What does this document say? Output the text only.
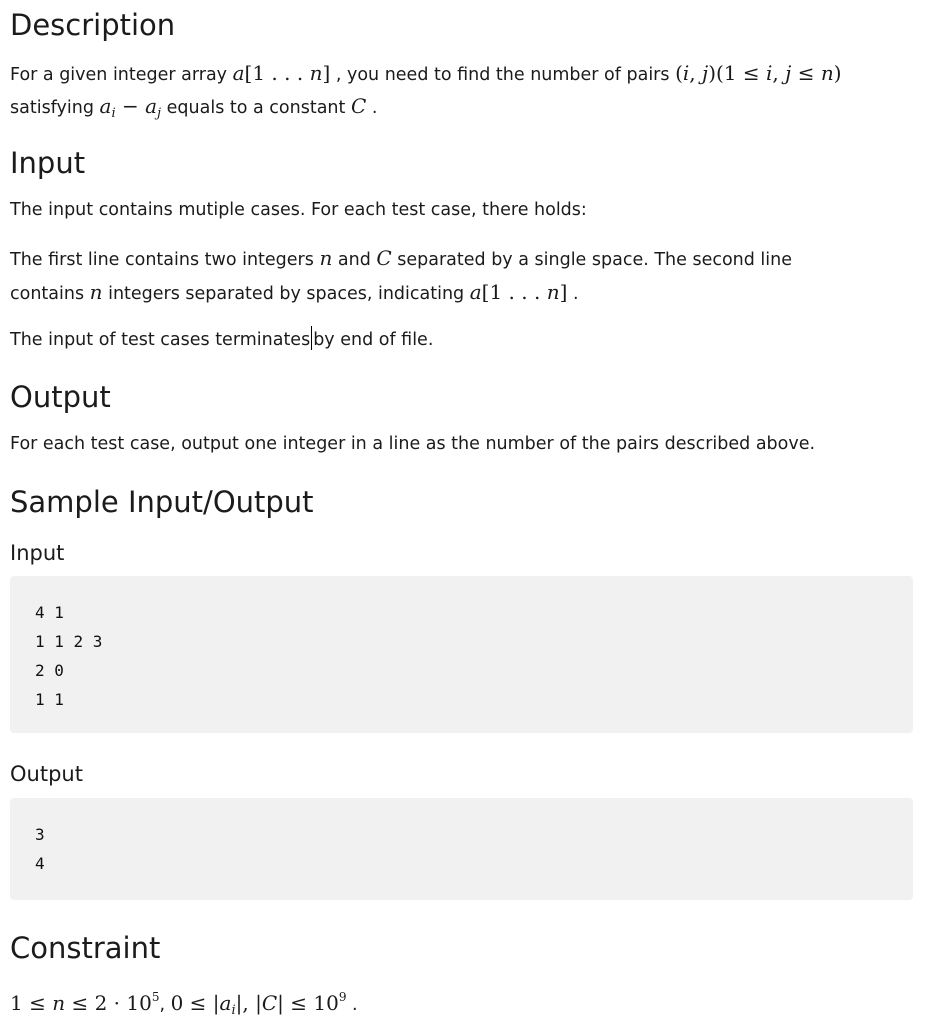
Description

For a given integer array a[1 . . . n] , you need to find the number of pairs (i, j)(1 ≤ i, j ≤ n)

satisfying $a_i - a_j$ equals to a constant C .

Input

The input contains mutiple cases. For each test case, there holds:

The first line contains two integers n and C separated by a single space. The second line

contains n integers separated by spaces, indicating a[1 . . . n] .

The input of test cases terminates by end of file.

Output

For each test case, output one integer in a line as the number of the pairs described above.

Sample Input/Output
Input
4 1
1 1 2 3
2 0
1 1
Output
3
4
Constraint

$1 \le n \le 2 \cdot 10^5$, $0 \le |a_i|$, $|C| \le 10^9$ .
